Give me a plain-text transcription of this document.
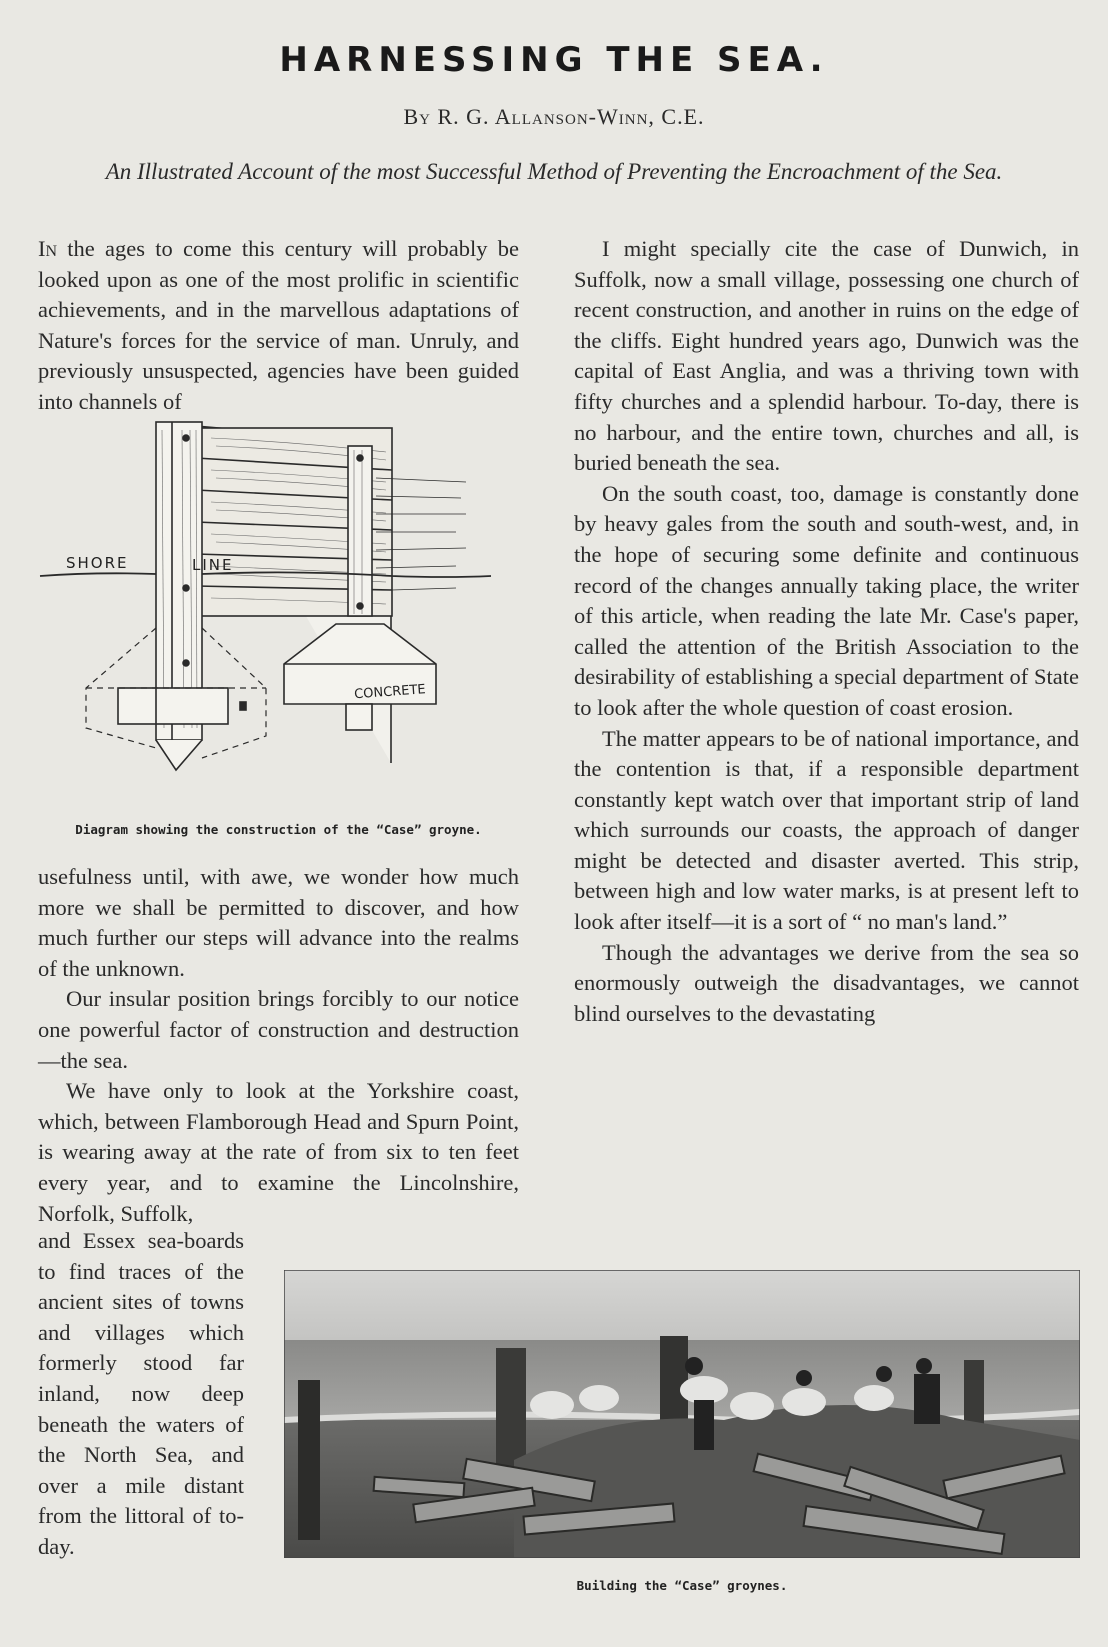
HARNESSING THE SEA.
By R. G. Allanson-Winn, C.E.
An Illustrated Account of the most Successful Method of Preventing the Encroachment of the Sea.

In the ages to come this century will probably be looked upon as one of the most prolific in scientific achievements, and in the marvellous adaptations of Nature's forces for the service of man. Unruly, and previously unsuspected, agencies have been guided into channels of

SHORE	LINE
CONCRETE
Diagram showing the construction of the “Case” groyne.

usefulness until, with awe, we wonder how much more we shall be permitted to discover, and how much further our steps will advance into the realms of the unknown.

Our insular position brings forcibly to our notice one powerful factor of construction and destruction—the sea.

We have only to look at the Yorkshire coast, which, between Flamborough Head and Spurn Point, is wearing away at the rate of from six to ten feet every year, and to examine the Lincolnshire, Norfolk, Suffolk,

and Essex sea-boards to find traces of the ancient sites of towns and villages which formerly stood far inland, now deep beneath the waters of the North Sea, and over a mile distant from the littoral of to-day.

I might specially cite the case of Dunwich, in Suffolk, now a small village, possessing one church of recent construction, and another in ruins on the edge of the cliffs. Eight hundred years ago, Dunwich was the capital of East Anglia, and was a thriving town with fifty churches and a splendid harbour. To-day, there is no harbour, and the entire town, churches and all, is buried beneath the sea.

On the south coast, too, damage is constantly done by heavy gales from the south and south-west, and, in the hope of securing some definite and continuous record of the changes annually taking place, the writer of this article, when reading the late Mr. Case's paper, called the attention of the British Association to the desirability of establishing a special department of State to look after the whole question of coast erosion.

The matter appears to be of national importance, and the contention is that, if a responsible department constantly kept watch over that important strip of land which surrounds our coasts, the approach of danger might be detected and disaster averted. This strip, between high and low water marks, is at present left to look after itself—it is a sort of “ no man's land.”

Though the advantages we derive from the sea so enormously outweigh the disadvantages, we cannot blind ourselves to the devastating

Building the “Case” groynes.
